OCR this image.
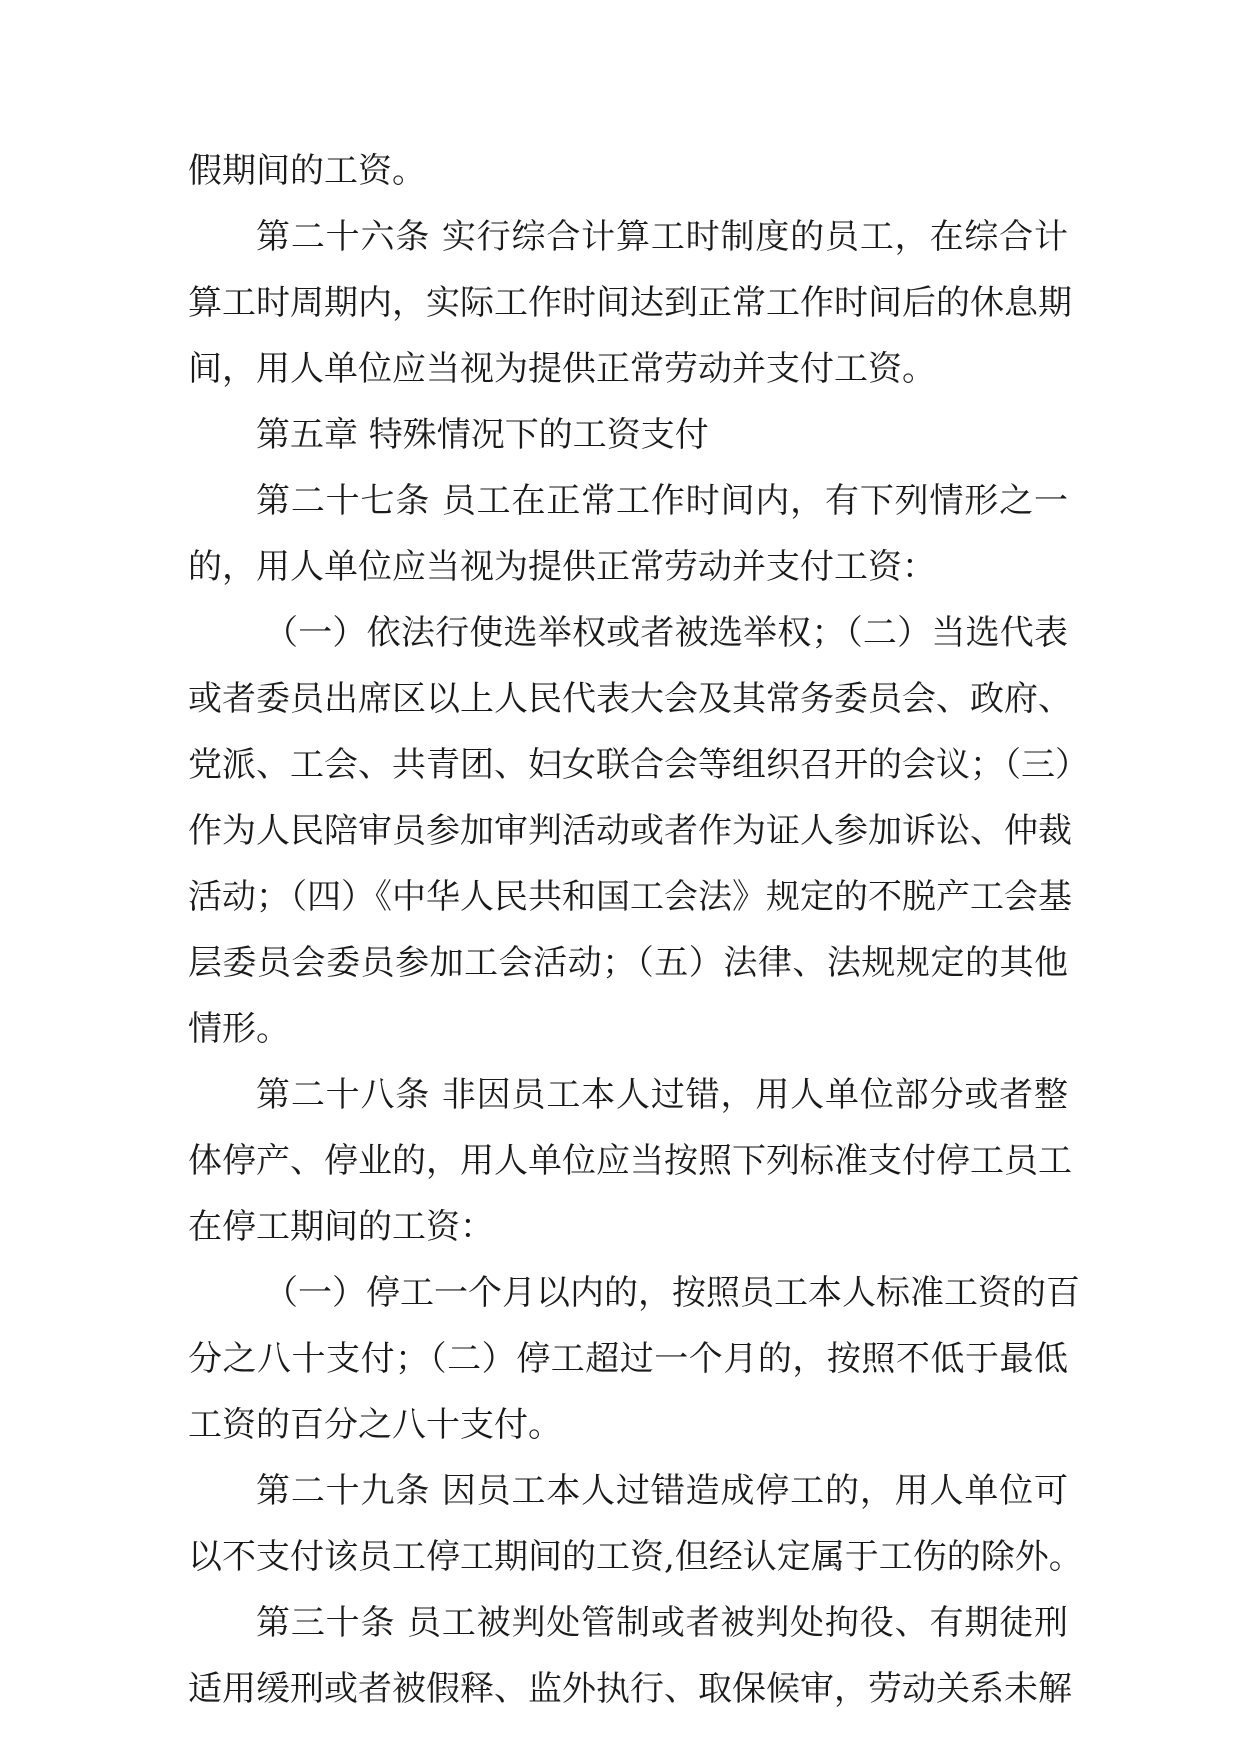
假期间的工资。
第二十六条 实行综合计算工时制度的员工，在综合计
算工时周期内，实际工作时间达到正常工作时间后的休息期
间，用人单位应当视为提供正常劳动并支付工资。
第五章 特殊情况下的工资支付
第二十七条 员工在正常工作时间内，有下列情形之一
的，用人单位应当视为提供正常劳动并支付工资：
（一）依法行使选举权或者被选举权；（二）当选代表
或者委员出席区以上人民代表大会及其常务委员会、政府、
党派、工会、共青团、妇女联合会等组织召开的会议；（三）
作为人民陪审员参加审判活动或者作为证人参加诉讼、仲裁
活动；（四）《中华人民共和国工会法》规定的不脱产工会基
层委员会委员参加工会活动；（五）法律、法规规定的其他
情形。
第二十八条 非因员工本人过错，用人单位部分或者整
体停产、停业的，用人单位应当按照下列标准支付停工员工
在停工期间的工资：
（一）停工一个月以内的，按照员工本人标准工资的百
分之八十支付；（二）停工超过一个月的，按照不低于最低
工资的百分之八十支付。
第二十九条 因员工本人过错造成停工的，用人单位可
以不支付该员工停工期间的工资,但经认定属于工伤的除外。
第三十条 员工被判处管制或者被判处拘役、有期徒刑
适用缓刑或者被假释、监外执行、取保候审，劳动关系未解
